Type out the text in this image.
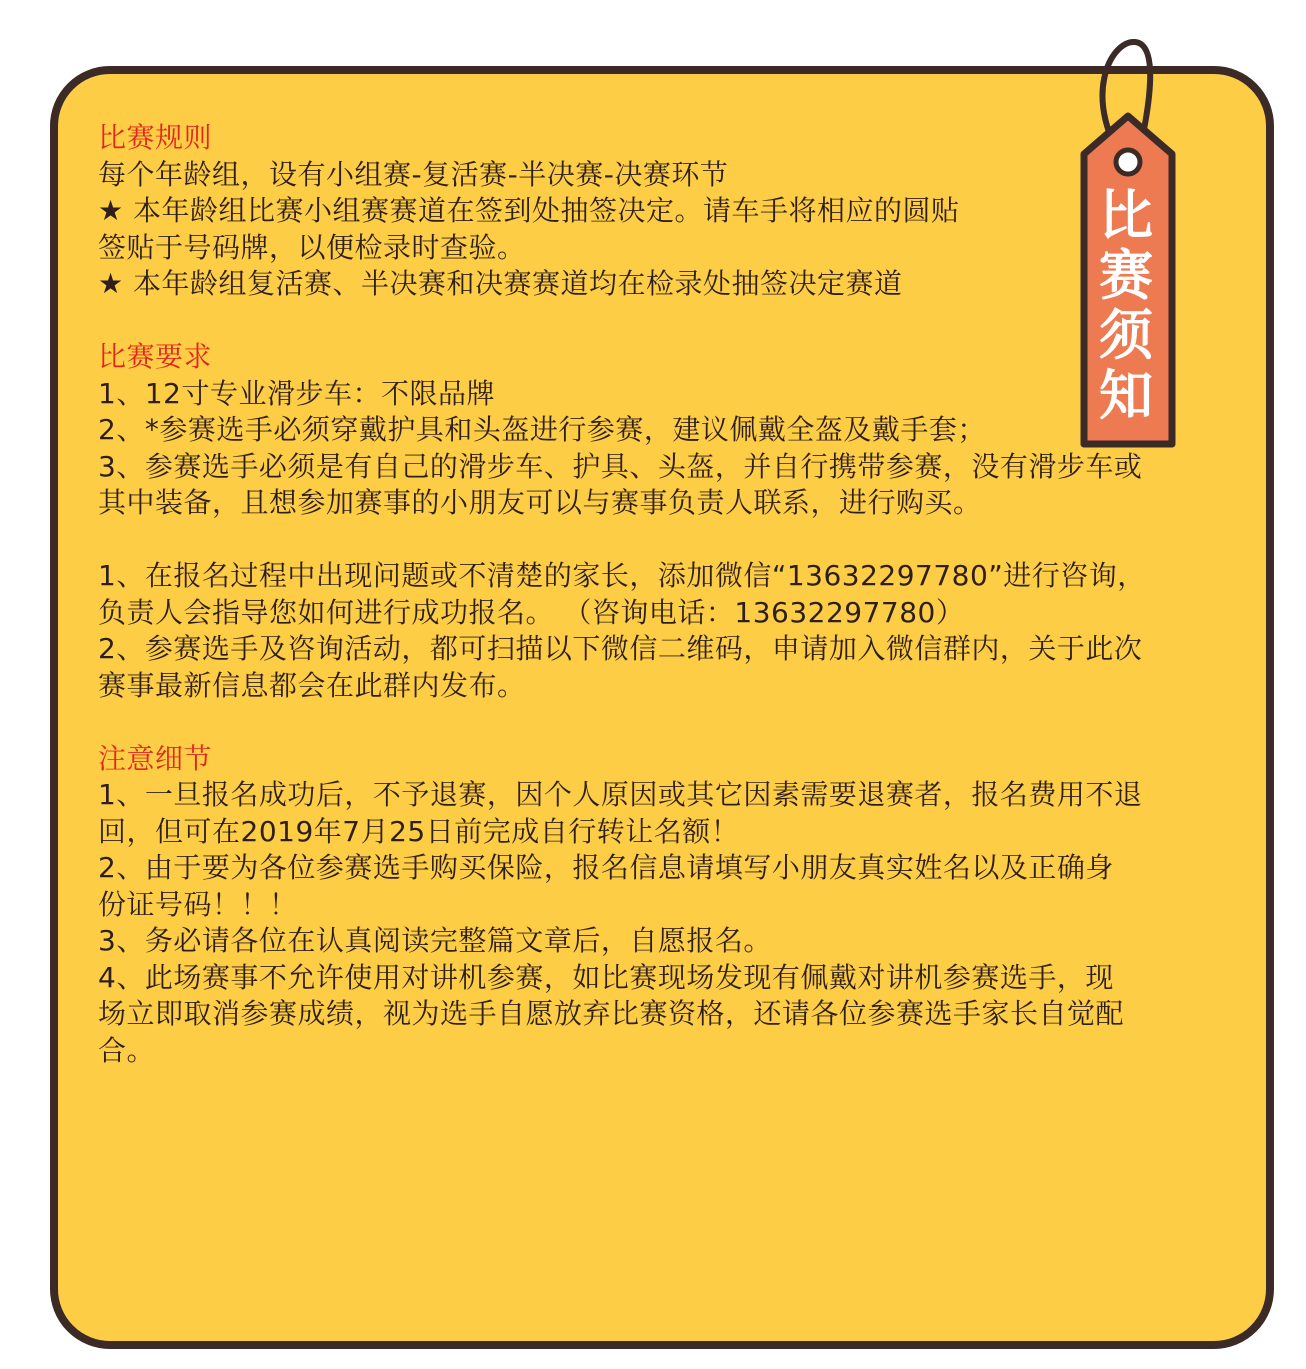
比
赛
须
知
比赛规则
每个年龄组，设有小组赛-复活赛-半决赛-决赛环节
★ 本年龄组比赛小组赛赛道在签到处抽签决定。请车手将相应的圆贴
签贴于号码牌，以便检录时查验。
★ 本年龄组复活赛、半决赛和决赛赛道均在检录处抽签决定赛道
比赛要求
1、12寸专业滑步车：不限品牌
2、*参赛选手必须穿戴护具和头盔进行参赛，建议佩戴全盔及戴手套；
3、参赛选手必须是有自己的滑步车、护具、头盔，并自行携带参赛，没有滑步车或
其中装备，且想参加赛事的小朋友可以与赛事负责人联系，进行购买。
1、在报名过程中出现问题或不清楚的家长，添加微信“13632297780”进行咨询，
负责人会指导您如何进行成功报名。 （咨询电话：13632297780）
2、参赛选手及咨询活动，都可扫描以下微信二维码，申请加入微信群内，关于此次
赛事最新信息都会在此群内发布。
注意细节
1、一旦报名成功后，不予退赛，因个人原因或其它因素需要退赛者，报名费用不退
回，但可在2019年7月25日前完成自行转让名额！
2、由于要为各位参赛选手购买保险，报名信息请填写小朋友真实姓名以及正确身
份证号码！！！
3、务必请各位在认真阅读完整篇文章后，自愿报名。
4、此场赛事不允许使用对讲机参赛，如比赛现场发现有佩戴对讲机参赛选手，现
场立即取消参赛成绩，视为选手自愿放弃比赛资格，还请各位参赛选手家长自觉配
合。
